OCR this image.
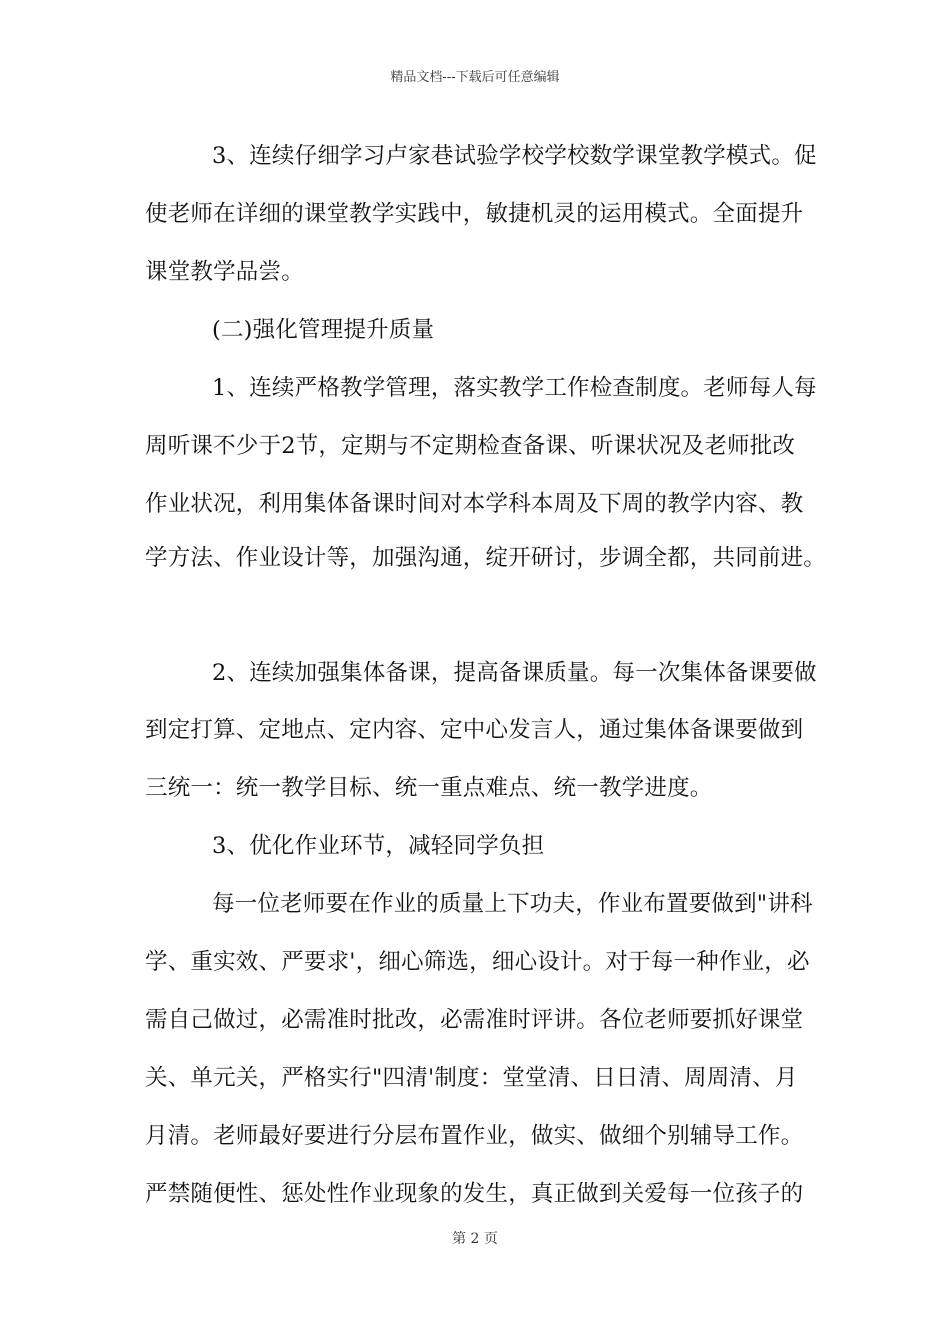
精品文档---下载后可任意编辑
3、连续仔细学习卢家巷试验学校学校数学课堂教学模式。促
使老师在详细的课堂教学实践中，敏捷机灵的运用模式。全面提升
课堂教学品尝。
(二)强化管理提升质量
1、连续严格教学管理，落实教学工作检查制度。老师每人每
周听课不少于2节，定期与不定期检查备课、听课状况及老师批改
作业状况，利用集体备课时间对本学科本周及下周的教学内容、教
学方法、作业设计等，加强沟通，绽开研讨，步调全都，共同前进。
2、连续加强集体备课，提高备课质量。每一次集体备课要做
到定打算、定地点、定内容、定中心发言人，通过集体备课要做到
三统一：统一教学目标、统一重点难点、统一教学进度。
3、优化作业环节，减轻同学负担
每一位老师要在作业的质量上下功夫，作业布置要做到"讲科
学、重实效、严要求'，细心筛选，细心设计。对于每一种作业，必
需自己做过，必需准时批改，必需准时评讲。各位老师要抓好课堂
关、单元关，严格实行"四清'制度：堂堂清、日日清、周周清、月
月清。老师最好要进行分层布置作业，做实、做细个别辅导工作。
严禁随便性、惩处性作业现象的发生，真正做到关爱每一位孩子的
第 2 页
